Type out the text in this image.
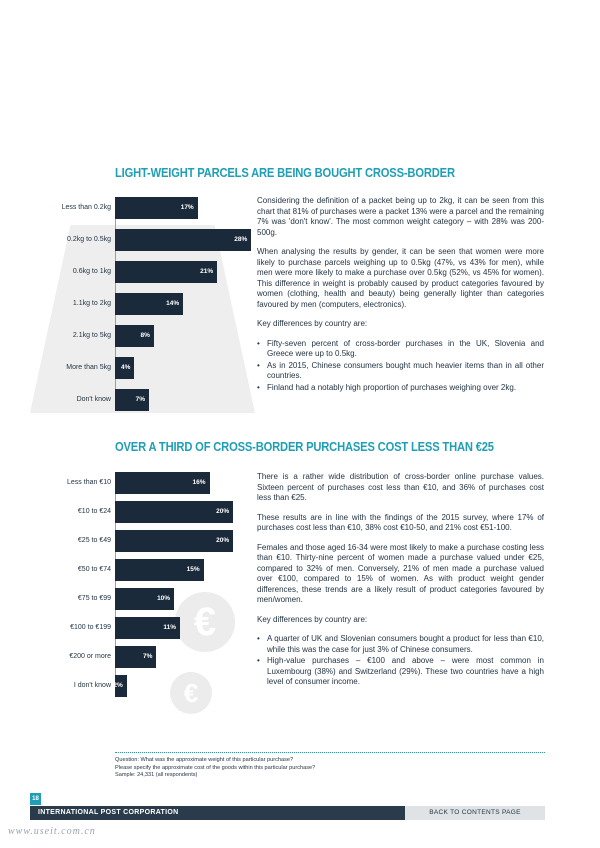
LIGHT-WEIGHT PARCELS ARE BEING BOUGHT CROSS-BORDER
Less than 0.2kg	17%
0.2kg to 0.5kg	28%
0.6kg to 1kg	21%
1.1kg to 2kg	14%
2.1kg to 5kg	8%
More than 5kg 4%
Don't know	7%

Considering the definition of a packet being up to 2kg, it can be seen from this chart that 81% of purchases were a packet 13% were a parcel and the remaining 7% was 'don't know'. The most common weight category – with 28% was 200-500g.

When analysing the results by gender, it can be seen that women were more likely to purchase parcels weighing up to 0.5kg (47%, vs 43% for men), while men were more likely to make a purchase over 0.5kg (52%, vs 45% for women). This difference in weight is probably caused by product categories favoured by women (clothing, health and beauty) being generally lighter than categories favoured by men (computers, electronics).

Key differences by country are:

• Fifty-seven percent of cross-border purchases in the UK, Slovenia and Greece were up to 0.5kg.
• As in 2015, Chinese consumers bought much heavier items than in all other countries.
• Finland had a notably high proportion of purchases weighing over 2kg.
OVER A THIRD OF CROSS-BORDER PURCHASES COST LESS THAN €25
€
€
Less than €10	16%
€10 to €24	20%
€25 to €49	20%
€50 to €74	15%
€75 to €99	10%
€100 to €199	11%
€200 or more	7%
I don't know 2%

There is a rather wide distribution of cross-border online purchase values. Sixteen percent of purchases cost less than €10, and 36% of purchases cost less than €25.

These results are in line with the findings of the 2015 survey, where 17% of purchases cost less than €10, 38% cost €10-50, and 21% cost €51-100.

Females and those aged 16-34 were most likely to make a purchase costing less than €10. Thirty-nine percent of women made a purchase valued under €25, compared to 32% of men. Conversely, 21% of men made a purchase valued over €100, compared to 15% of women. As with product weight gender differences, these trends are a likely result of product categories favoured by men/women.

Key differences by country are:

• A quarter of UK and Slovenian consumers bought a product for less than €10, while this was the case for just 3% of Chinese consumers.
• High-value purchases – €100 and above – were most common in Luxembourg (38%) and Switzerland (29%). These two countries have a high level of consumer income.
Question: What was the approximate weight of this particular purchase?
Please specify the approximate cost of the goods within this particular purchase?
Sample: 24,331 (all respondents)
18
INTERNATIONAL POST CORPORATION	BACK TO CONTENTS PAGE
www.useit.com.cn
